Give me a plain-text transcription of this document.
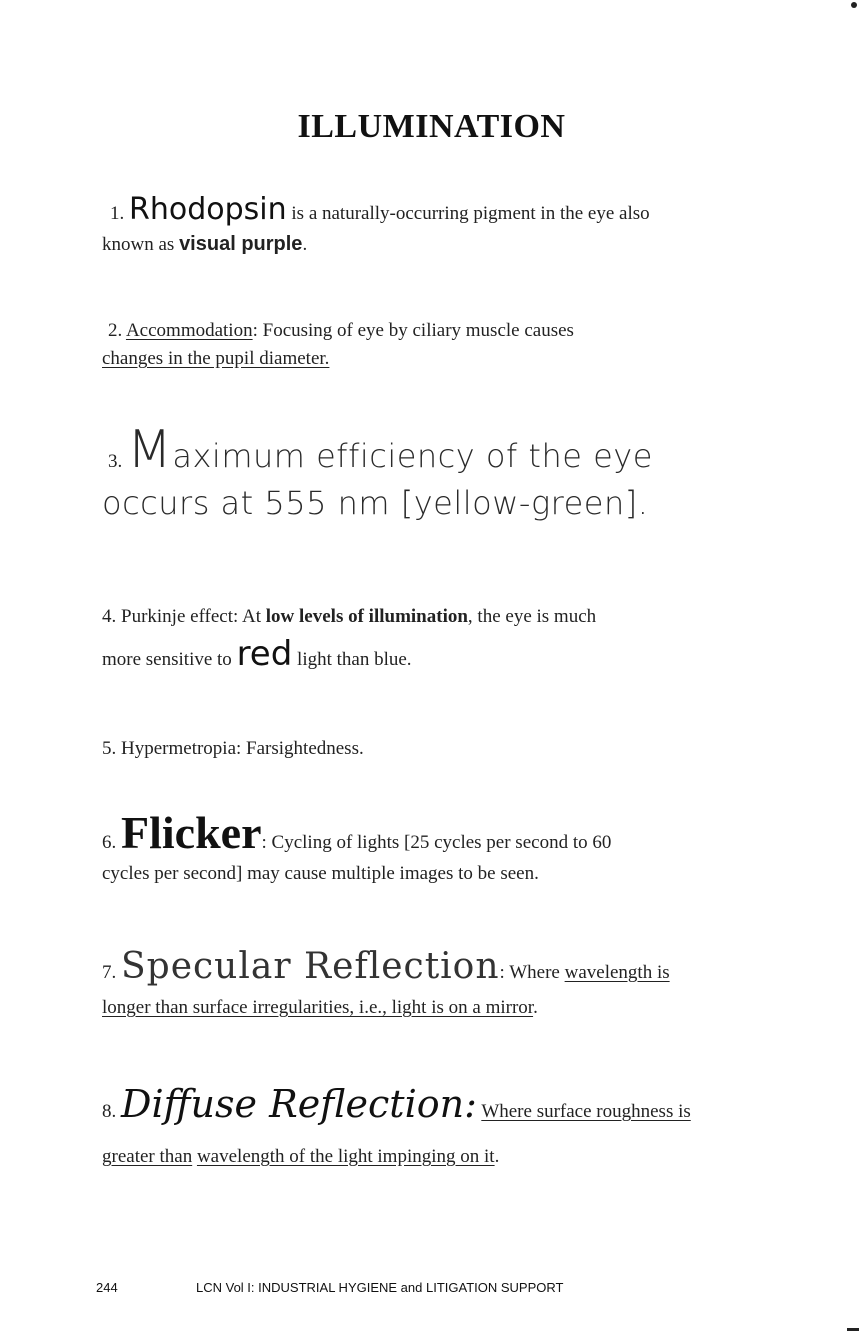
ILLUMINATION
1. Rhodopsin is a naturally-occurring pigment in the eye also
known as visual purple.
2. Accommodation: Focusing of eye by ciliary muscle causes
changes in the pupil diameter.
3. Maximum efficiency of the eye
occurs at 555 nm [yellow-green].
4. Purkinje effect: At low levels of illumination, the eye is much
more sensitive to red light than blue.
5. Hypermetropia: Farsightedness.
6. Flicker: Cycling of lights [25 cycles per second to 60
cycles per second] may cause multiple images to be seen.
7. Specular Reflection: Where wavelength is
longer than surface irregularities, i.e., light is on a mirror.
8. Diffuse Reflection: Where surface roughness is
greater than wavelength of the light impinging on it.
244	LCN Vol I: INDUSTRIAL HYGIENE and LITIGATION SUPPORT
